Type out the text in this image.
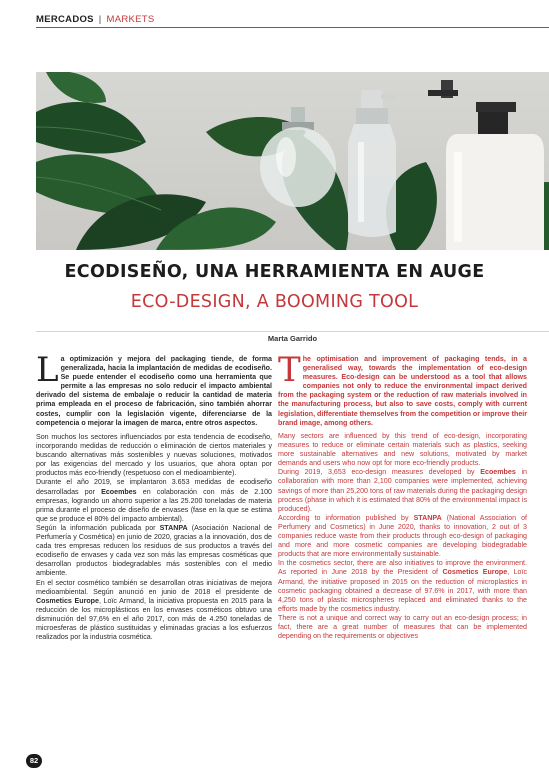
MERCADOS | MARKETS
ECODISEÑO, UNA HERRAMIENTA EN AUGE
ECO-DESIGN, A BOOMING TOOL
Marta Garrido
L a optimización y mejora del packaging tiende, de forma generalizada, hacia la implantación de medidas de ecodiseño. Se puede entender el ecodiseño como una herramienta que permite a las empresas no solo reducir el impacto ambiental derivado del sistema de embalaje o reducir la cantidad de materia prima empleada en el proceso de fabricación, sino también ahorrar costes, cumplir con la legislación vigente, diferenciarse de la competencia o mejorar la imagen de marca, entre otros aspectos.

Son muchos los sectores influenciados por esta tendencia de ecodiseño, incorporando medidas de reducción o eliminación de ciertos materiales y buscando alternativas más sostenibles y nuevas soluciones, motivados por las exigencias del mercado y los usuarios, que ahora optan por productos más eco-friendly (respetuoso con el medioambiente).

Durante el año 2019, se implantaron 3.653 medidas de ecodiseño desarrolladas por Ecoembes en colaboración con más de 2.100 empresas, logrando un ahorro superior a las 25.200 toneladas de materia prima durante el proceso de diseño de envases (fase en la que se estima que se produce el 80% del impacto ambiental).

Según la información publicada por STANPA (Asociación Nacional de Perfumería y Cosmética) en junio de 2020, gracias a la innovación, dos de cada tres empresas reducen los residuos de sus productos a través del ecodiseño de envases y cada vez son más las empresas cosméticas que desarrollan productos biodegradables más sostenibles con el medio ambiente.

En el sector cosmético también se desarrollan otras iniciativas de mejora medioambiental. Según anunció en junio de 2018 el presidente de Cosmetics Europe, Loïc Armand, la iniciativa propuesta en 2015 para la reducción de los microplásticos en los envases cosméticos obtuvo una disminución del 97,6% en el año 2017, con más de 4.250 toneladas de microesferas de plástico sustituidas y eliminadas gracias a los esfuerzos realizados por la industria cosmética.

T he optimisation and improvement of packaging tends, in a generalised way, towards the implementation of eco-design measures. Eco-design can be understood as a tool that allows companies not only to reduce the environmental impact derived from the packaging system or the reduction of raw materials involved in the manufacturing process, but also to save costs, comply with current legislation, differentiate themselves from the competition or improve their brand image, among others.

Many sectors are influenced by this trend of eco-design, incorporating measures to reduce or eliminate certain materials such as plastics, seeking more sustainable alternatives and new solutions, motivated by market demands and users who now opt for more eco-friendly products.

During 2019, 3,653 eco-design measures developed by Ecoembes in collaboration with more than 2,100 companies were implemented, achieving savings of more than 25,200 tons of raw materials during the packaging design process (phase in which it is estimated that 80% of the environmental impact is produced).

According to information published by STANPA (National Association of Perfumery and Cosmetics) in June 2020, thanks to innovation, 2 out of 3 companies reduce waste from their products through eco-design of packaging and more and more cosmetic companies are developing biodegradable products that are more environmentally sustainable.

In the cosmetics sector, there are also initiatives to improve the environment. As reported in June 2018 by the President of Cosmetics Europe, Loïc Armand, the initiative proposed in 2015 on the reduction of microplastics in cosmetic packaging obtained a decrease of 97.6% in 2017, with more than 4,250 tons of plastic microspheres replaced and eliminated thanks to the efforts made by the cosmetics industry.

There is not a unique and correct way to carry out an eco-design process; in fact, there are a great number of measures that can be implemented depending on the requirements or objectives

82
